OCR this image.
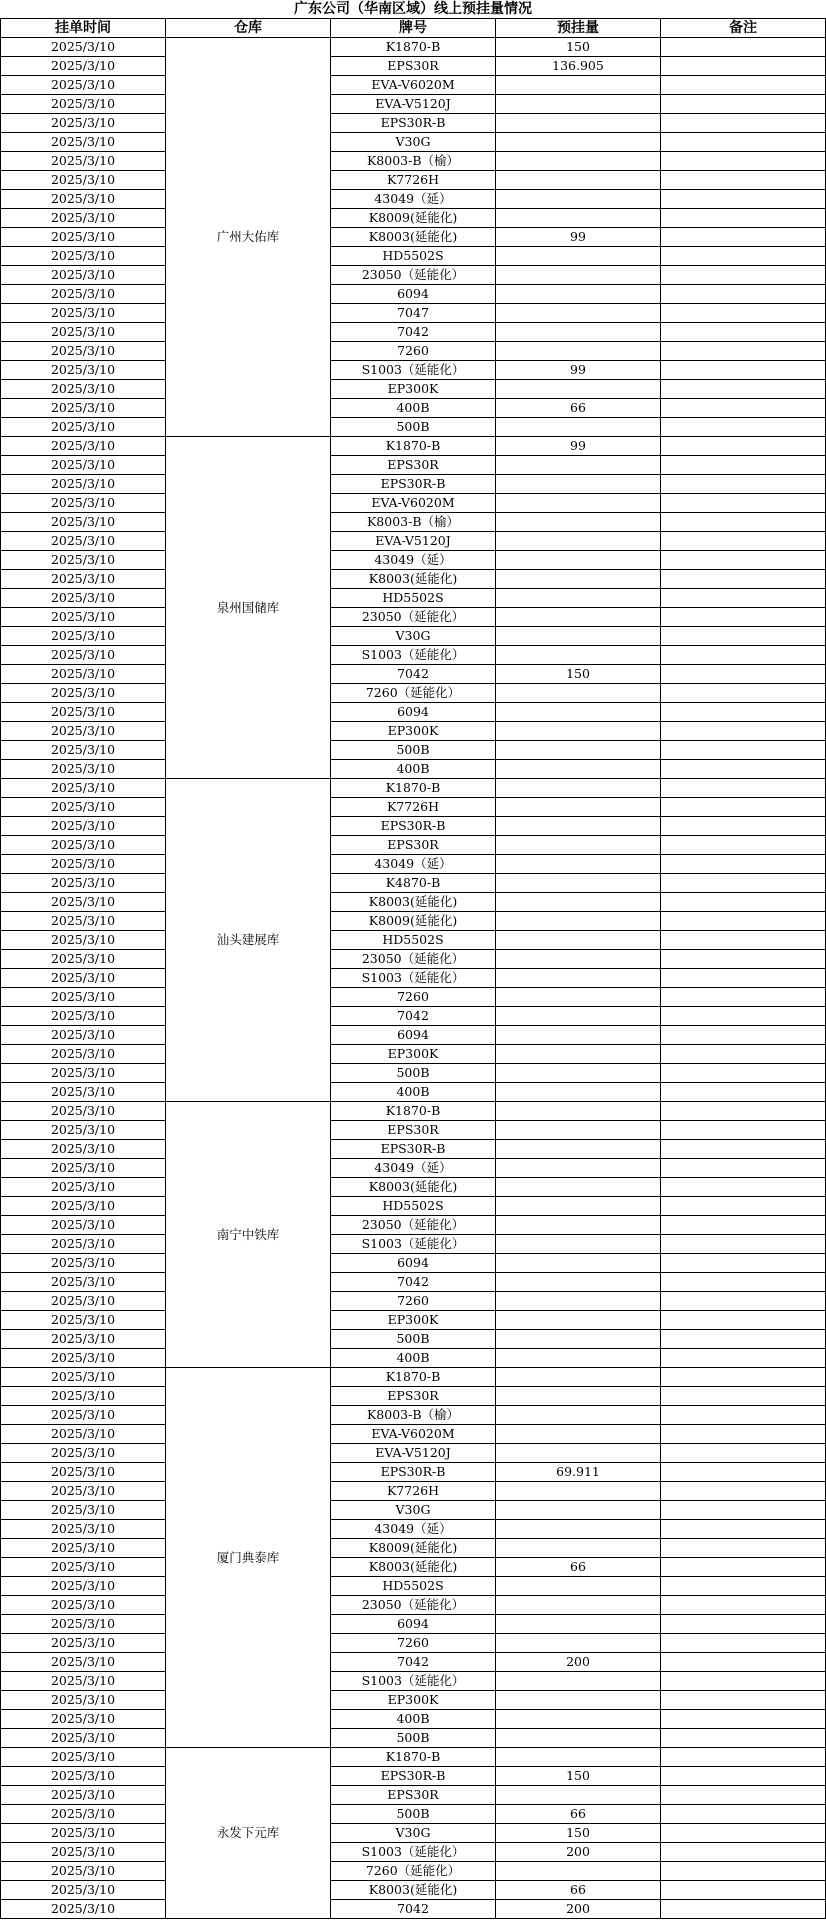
广东公司（华南区域）线上预挂量情况
挂单时间	仓库	牌号	预挂量	备注
2025/3/10	广州大佑库	K1870-B	150	
2025/3/10		EPS30R	136.905	
2025/3/10		EVA-V6020M		
2025/3/10		EVA-V5120J		
2025/3/10		EPS30R-B		
2025/3/10		V30G		
2025/3/10		K8003-B（榆）		
2025/3/10		K7726H		
2025/3/10		43049（延）		
2025/3/10		K8009(延能化)		
2025/3/10		K8003(延能化)	99	
2025/3/10		HD5502S		
2025/3/10		23050（延能化）		
2025/3/10		6094		
2025/3/10		7047		
2025/3/10		7042		
2025/3/10		7260		
2025/3/10		S1003（延能化）	99	
2025/3/10		EP300K		
2025/3/10		400B	66	
2025/3/10		500B		
2025/3/10	泉州国储库	K1870-B	99	
2025/3/10		EPS30R		
2025/3/10		EPS30R-B		
2025/3/10		EVA-V6020M		
2025/3/10		K8003-B（榆）		
2025/3/10		EVA-V5120J		
2025/3/10		43049（延）		
2025/3/10		K8003(延能化)		
2025/3/10		HD5502S		
2025/3/10		23050（延能化）		
2025/3/10		V30G		
2025/3/10		S1003（延能化）		
2025/3/10		7042	150	
2025/3/10		7260（延能化）		
2025/3/10		6094		
2025/3/10		EP300K		
2025/3/10		500B		
2025/3/10		400B		
2025/3/10	汕头建展库	K1870-B		
2025/3/10		K7726H		
2025/3/10		EPS30R-B		
2025/3/10		EPS30R		
2025/3/10		43049（延）		
2025/3/10		K4870-B		
2025/3/10		K8003(延能化)		
2025/3/10		K8009(延能化)		
2025/3/10		HD5502S		
2025/3/10		23050（延能化）		
2025/3/10		S1003（延能化）		
2025/3/10		7260		
2025/3/10		7042		
2025/3/10		6094		
2025/3/10		EP300K		
2025/3/10		500B		
2025/3/10		400B		
2025/3/10	南宁中铁库	K1870-B		
2025/3/10		EPS30R		
2025/3/10		EPS30R-B		
2025/3/10		43049（延）		
2025/3/10		K8003(延能化)		
2025/3/10		HD5502S		
2025/3/10		23050（延能化）		
2025/3/10		S1003（延能化）		
2025/3/10		6094		
2025/3/10		7042		
2025/3/10		7260		
2025/3/10		EP300K		
2025/3/10		500B		
2025/3/10		400B		
2025/3/10	厦门典泰库	K1870-B		
2025/3/10		EPS30R		
2025/3/10		K8003-B（榆）		
2025/3/10		EVA-V6020M		
2025/3/10		EVA-V5120J		
2025/3/10		EPS30R-B	69.911	
2025/3/10		K7726H		
2025/3/10		V30G		
2025/3/10		43049（延）		
2025/3/10		K8009(延能化)		
2025/3/10		K8003(延能化)	66	
2025/3/10		HD5502S		
2025/3/10		23050（延能化）		
2025/3/10		6094		
2025/3/10		7260		
2025/3/10		7042	200	
2025/3/10		S1003（延能化）		
2025/3/10		EP300K		
2025/3/10		400B		
2025/3/10		500B		
2025/3/10	永发下元库	K1870-B		
2025/3/10		EPS30R-B	150	
2025/3/10		EPS30R		
2025/3/10		500B	66	
2025/3/10		V30G	150	
2025/3/10		S1003（延能化）	200	
2025/3/10		7260（延能化）		
2025/3/10		K8003(延能化)	66	
2025/3/10		7042	200	
